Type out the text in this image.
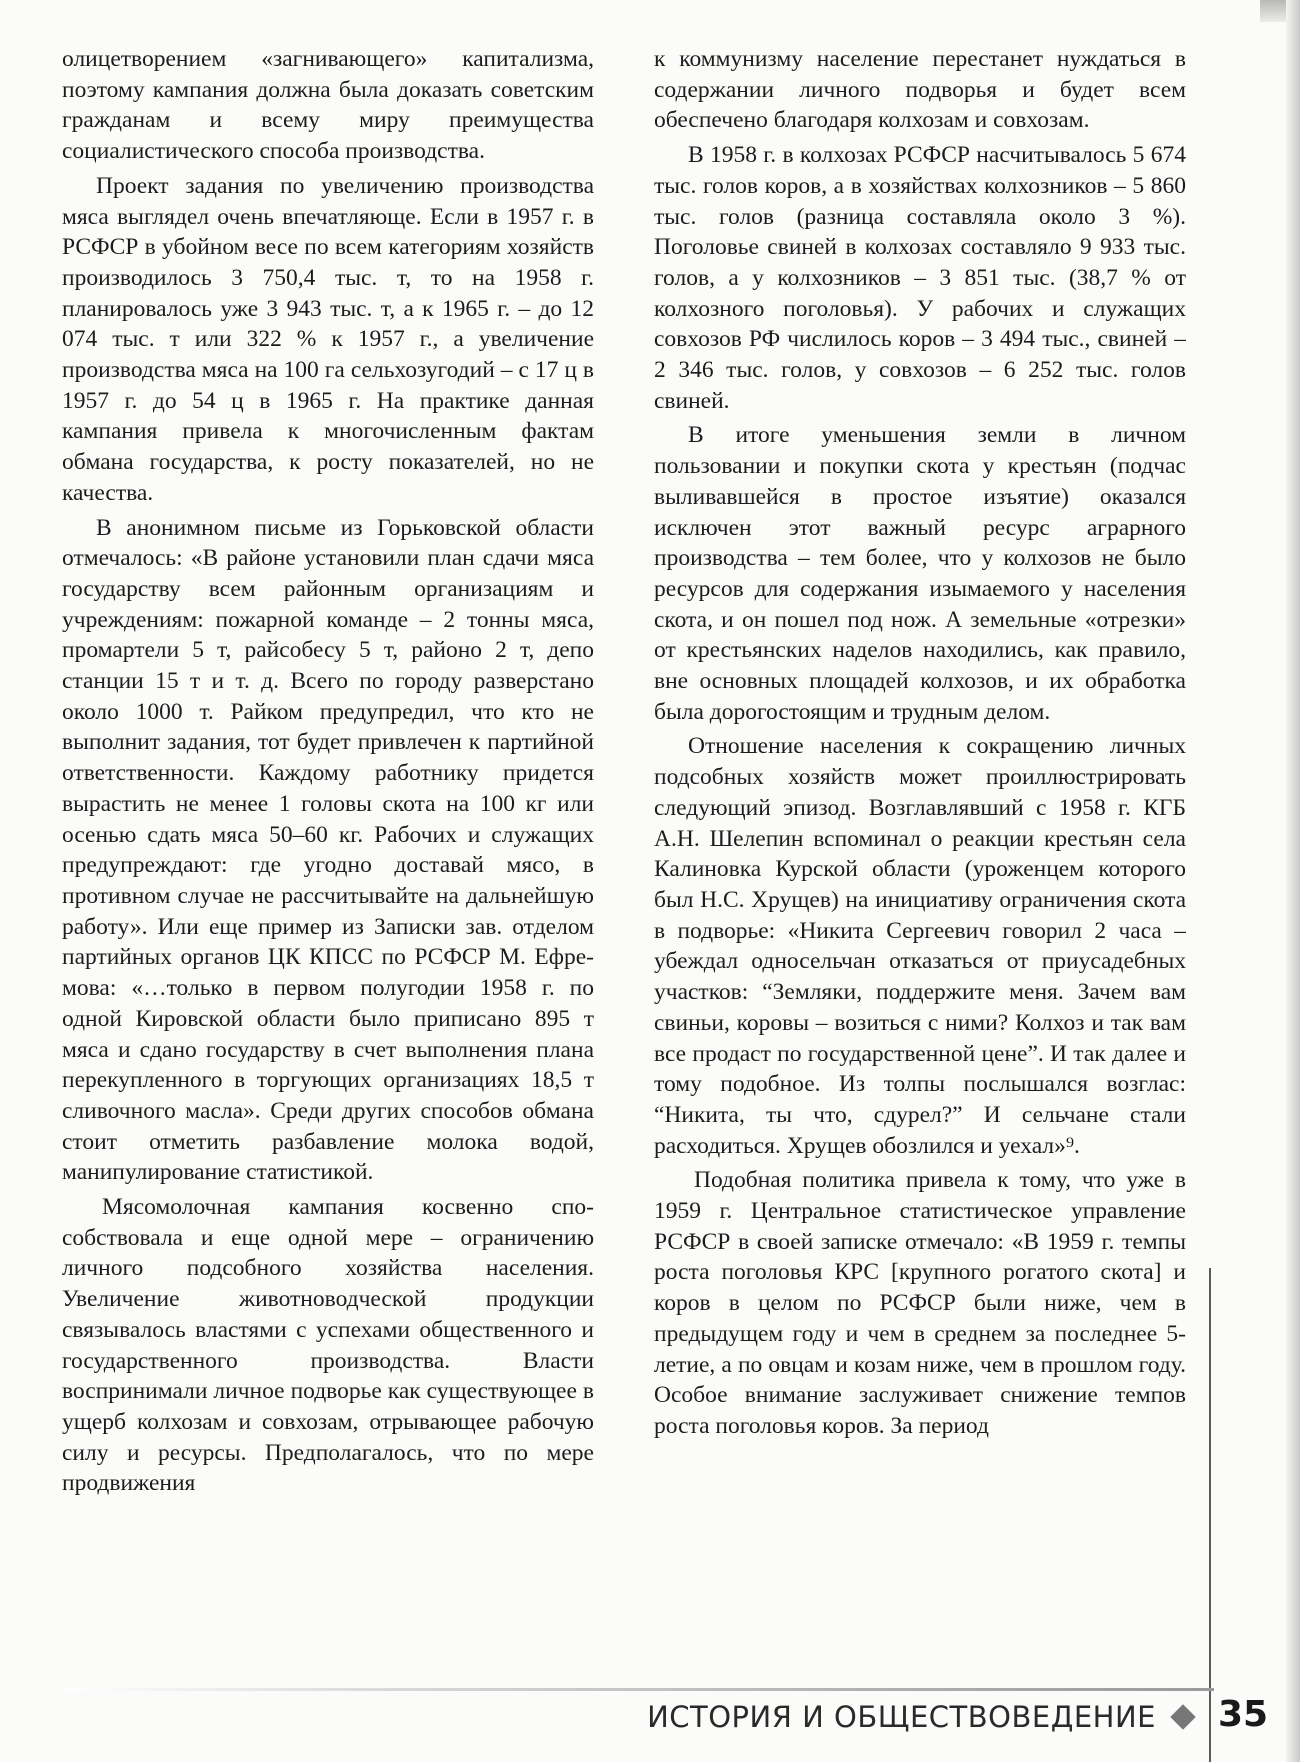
олицетворением «загнивающего» капитализма, поэтому кампания должна была доказать советским гражданам и всему миру преимущества социалистического способа производства.

Проект задания по увеличению производства мяса выглядел очень впечатляюще. Если в 1957 г. в РСФСР в убойном весе по всем категориям хозяйств производилось 3 750,4 тыс. т, то на 1958 г. планировалось уже 3 943 тыс. т, а к 1965 г. – до 12 074 тыс. т или 322 % к 1957 г., а увеличение производства мяса на 100 га сельхозугодий – с 17 ц в 1957 г. до 54 ц в 1965 г. На практике данная кампания привела к многочисленным фактам обмана государства, к росту показателей, но не качества.

В анонимном письме из Горьковской области отмечалось: «В районе установили план сдачи мяса государству всем районным организациям и учреждениям: пожарной команде – 2 тонны мяса, промартели 5 т, райсобесу 5 т, районо 2 т, депо станции 15 т и т. д. Всего по городу разверстано около 1000 т. Райком предупредил, что кто не выполнит задания, тот будет привлечен к партийной ответственности. Каждому работнику придется вырастить не менее 1 головы скота на 100 кг или осенью сдать мяса 50–60 кг. Рабочих и служащих предупреждают: где угодно доставай мясо, в противном случае не рассчитывайте на дальнейшую работу». Или еще пример из Записки зав. отделом партийных органов ЦК КПСС по РСФСР М. Ефремова: «…только в первом полугодии 1958 г. по одной Кировской области было приписано 895 т мяса и сдано государству в счет выполнения плана перекупленного в торгующих организациях 18,5 т сливочного масла». Среди других способов обмана стоит отметить разбавление молока водой, манипулирование статистикой.

Мясомолочная кампания косвенно способствовала и еще одной мере – ограничению личного подсобного хозяйства населения. Увеличение животноводческой продукции связывалось властями с успехами общественного и государственного производства. Власти воспринимали личное подворье как существующее в ущерб колхозам и совхозам, отрывающее рабочую силу и ресурсы. Предполагалось, что по мере продвижения

к коммунизму население перестанет нуждаться в содержании личного подворья и будет всем обеспечено благодаря колхозам и совхозам.

В 1958 г. в колхозах РСФСР насчитывалось 5 674 тыс. голов коров, а в хозяйствах колхозников – 5 860 тыс. голов (разница составляла около 3 %). Поголовье свиней в колхозах составляло 9 933 тыс. голов, а у колхозников – 3 851 тыс. (38,7 % от колхозного поголовья). У рабочих и служащих совхозов РФ числилось коров – 3 494 тыс., свиней – 2 346 тыс. голов, у совхозов – 6 252 тыс. голов свиней.

В итоге уменьшения земли в личном пользовании и покупки скота у крестьян (подчас выливавшейся в простое изъятие) оказался исключен этот важный ресурс аграрного производства – тем более, что у колхозов не было ресурсов для содержания изымаемого у населения скота, и он пошел под нож. А земельные «отрезки» от крестьянских наделов находились, как правило, вне основных площадей колхозов, и их обработка была дорогостоящим и трудным делом.

Отношение населения к сокращению личных подсобных хозяйств может проиллюстрировать следующий эпизод. Возглавлявший с 1958 г. КГБ А.Н. Шелепин вспоминал о реакции крестьян села Калиновка Курской области (уроженцем которого был Н.С. Хрущев) на инициативу ограничения скота в подворье: «Никита Сергеевич говорил 2 часа – убеждал односельчан отказаться от приусадебных участков: “Земляки, поддержите меня. Зачем вам свиньи, коровы – возиться с ними? Колхоз и так вам все продаст по государственной цене”. И так далее и тому подобное. Из толпы послышался возглас: “Никита, ты что, сдурел?” И сельчане стали расходиться. Хрущев обозлился и уехал»⁹.

Подобная политика привела к тому, что уже в 1959 г. Центральное статистическое управление РСФСР в своей записке отмечало: «В 1959 г. темпы роста поголовья КРС [крупного рогатого скота] и коров в целом по РСФСР были ниже, чем в предыдущем году и чем в среднем за последнее 5-летие, а по овцам и козам ниже, чем в прошлом году. Особое внимание заслуживает снижение темпов роста поголовья коров. За период

ИСТОРИЯ И ОБЩЕСТВОВЕДЕНИЕ 35
